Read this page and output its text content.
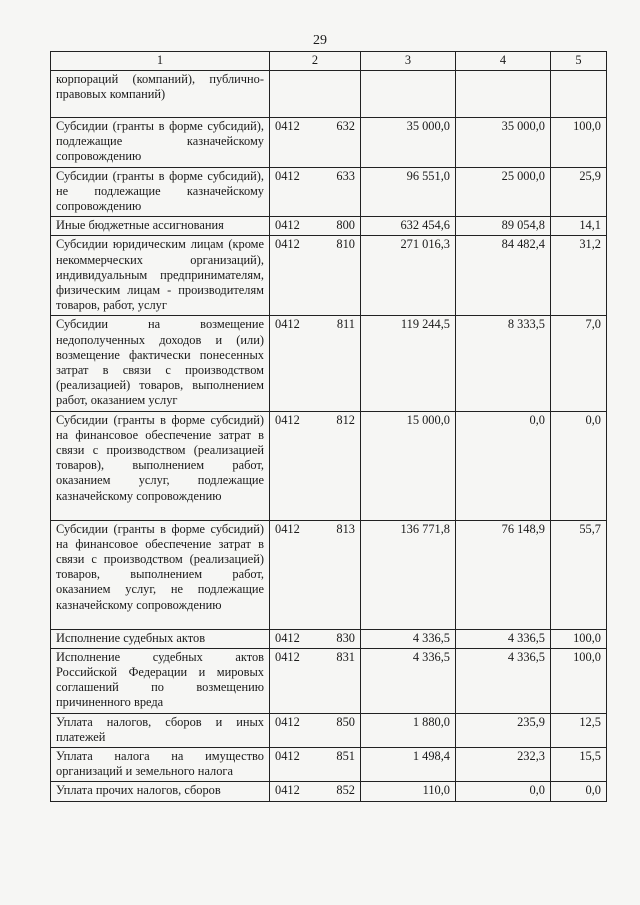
29
1	2	3	4	5
корпораций (компаний), публично-правовых компаний)	

Субсидии (гранты в форме субсидий), подлежащие казначейскому сопровождению	0412 632	35 000,0	35 000,0	100,0
Субсидии (гранты в форме субсидий), не подлежащие казначейскому сопровождению	0412 633	96 551,0	25 000,0	25,9
Иные бюджетные ассигнования	0412 800	632 454,6	89 054,8	14,1
Субсидии юридическим лицам (кроме некоммерческих организаций), индивидуальным предпринимателям, физическим лицам - производителям товаров, работ, услуг	0412 810	271 016,3	84 482,4	31,2
Субсидии на возмещение недополученных доходов и (или) возмещение фактически понесенных затрат в связи с производством (реализацией) товаров, выполнением работ, оказанием услуг	0412 811	119 244,5	8 333,5	7,0
Субсидии (гранты в форме субсидий) на финансовое обеспечение затрат в связи с производством (реализацией товаров), выполнением работ, оказанием услуг, подлежащие казначейскому сопровождению	0412 812	15 000,0	0,0	0,0
Субсидии (гранты в форме субсидий) на финансовое обеспечение затрат в связи с производством (реализацией) товаров, выполнением работ, оказанием услуг, не подлежащие казначейскому сопровождению	0412 813	136 771,8	76 148,9	55,7
Исполнение судебных актов	0412 830	4 336,5	4 336,5	100,0
Исполнение судебных актов Российской Федерации и мировых соглашений по возмещению причиненного вреда	0412 831	4 336,5	4 336,5	100,0
Уплата налогов, сборов и иных платежей	0412 850	1 880,0	235,9	12,5
Уплата налога на имущество организаций и земельного налога	0412 851	1 498,4	232,3	15,5
Уплата прочих налогов, сборов	0412 852	110,0	0,0	0,0
